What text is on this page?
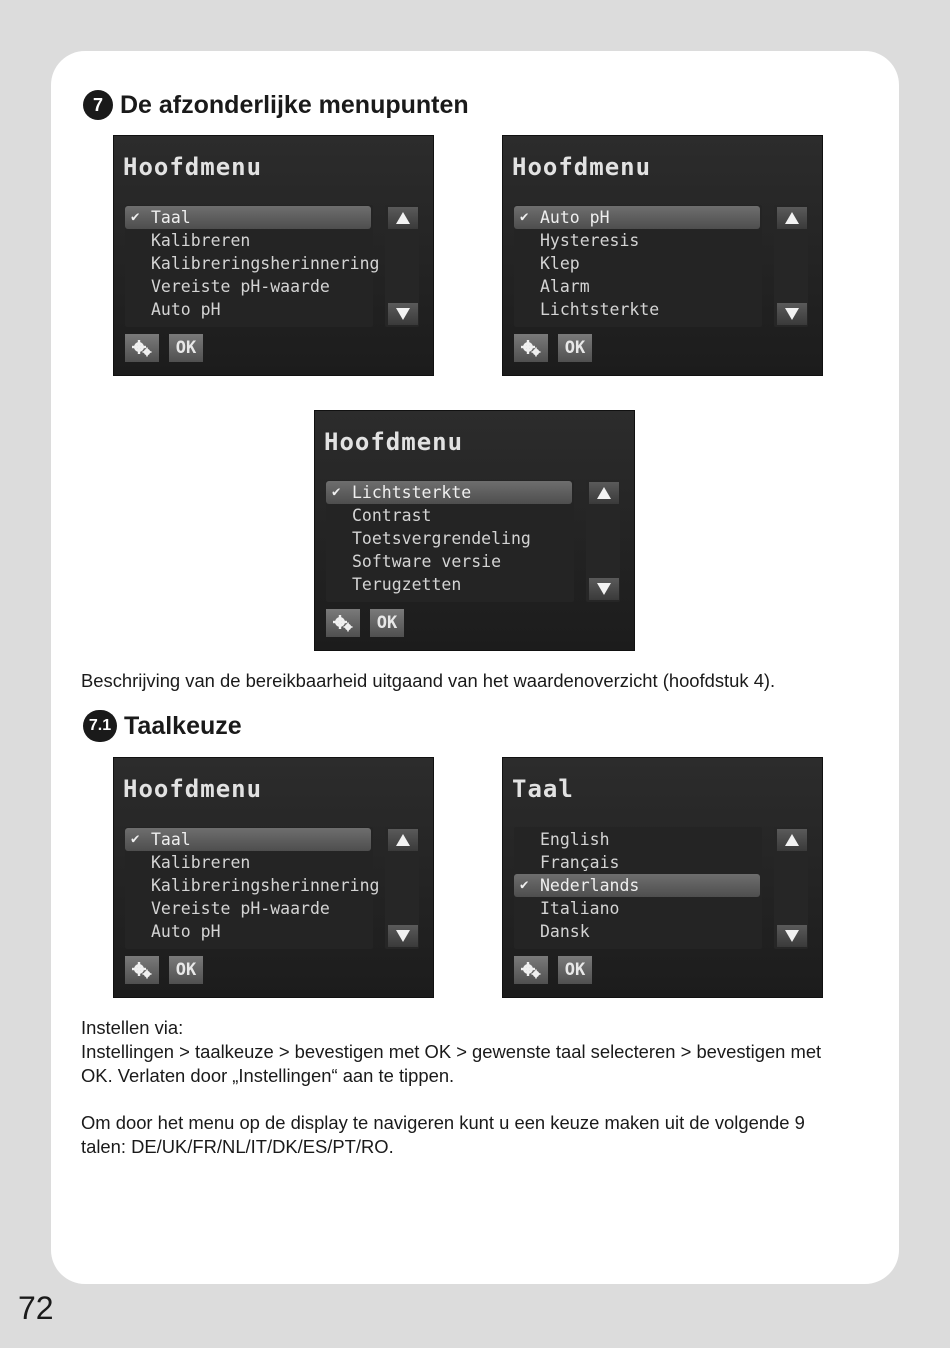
7 De afzonderlijke menupunten
Hoofdmenu
✔ Taal
Kalibreren
Kalibreringsherinnering
Vereiste pH-waarde
Auto pH
OK
Hoofdmenu
✔ Auto pH
Hysteresis
Klep
Alarm
Lichtsterkte
OK
Hoofdmenu
✔ Lichtsterkte
Contrast
Toetsvergrendeling
Software versie
Terugzetten
OK
Beschrijving van de bereikbaarheid uitgaand van het waardenoverzicht (hoofdstuk 4).
7.1 Taalkeuze
Hoofdmenu
✔ Taal
Kalibreren
Kalibreringsherinnering
Vereiste pH-waarde
Auto pH
OK
Taal
English
Français
✔ Nederlands
Italiano
Dansk
OK
Instellen via:
Instellingen > taalkeuze > bevestigen met OK > gewenste taal selecteren > bevestigen met
OK. Verlaten door „Instellingen“ aan te tippen.
Om door het menu op de display te navigeren kunt u een keuze maken uit de volgende 9
talen: DE/UK/FR/NL/IT/DK/ES/PT/RO.
72
